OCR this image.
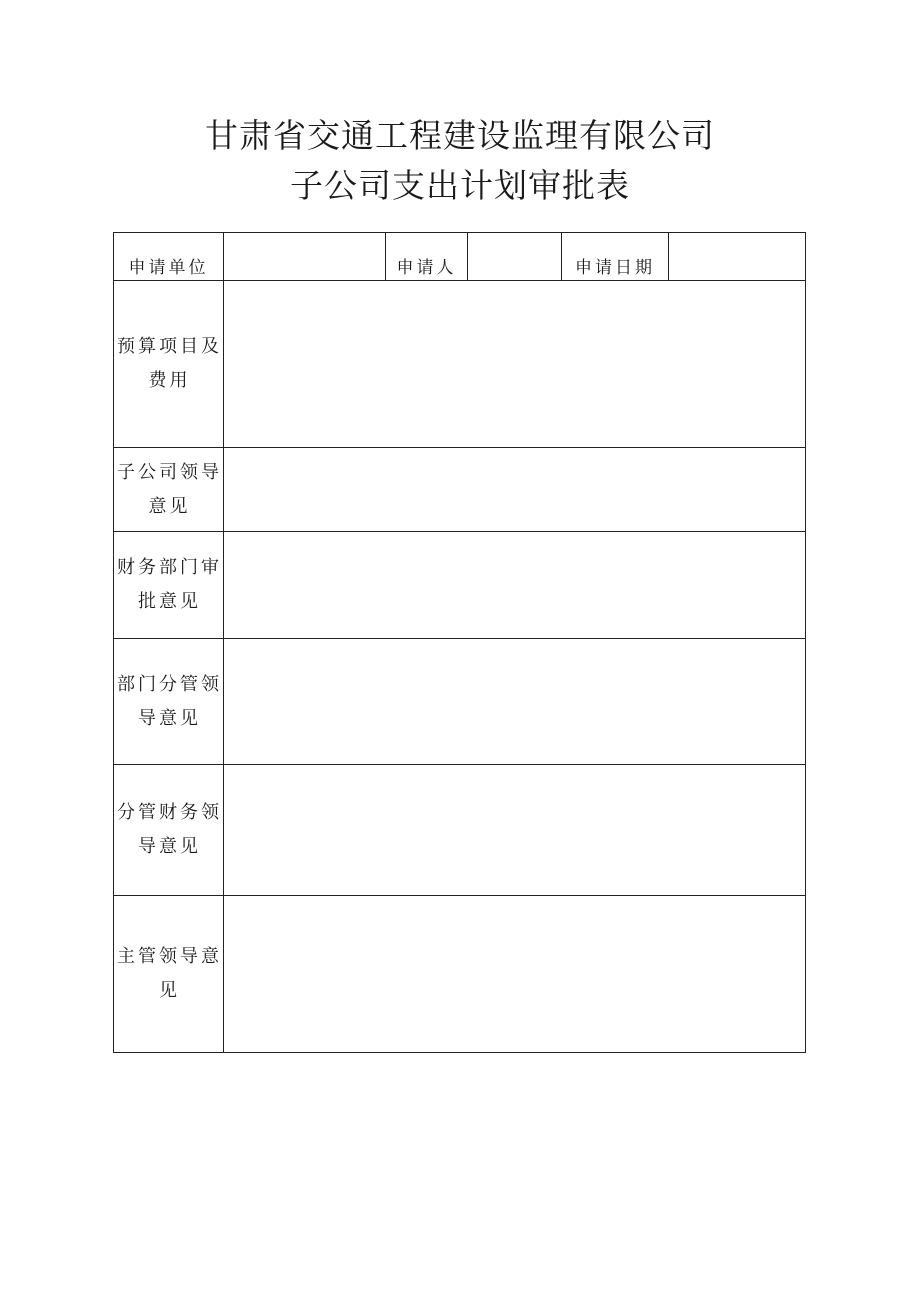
甘肃省交通工程建设监理有限公司
子公司支出计划审批表
申请单位	申请人	申请日期
预算项目及费用
子公司领导意见
财务部门审批意见
部门分管领导意见
分管财务领导意见
主管领导意见
